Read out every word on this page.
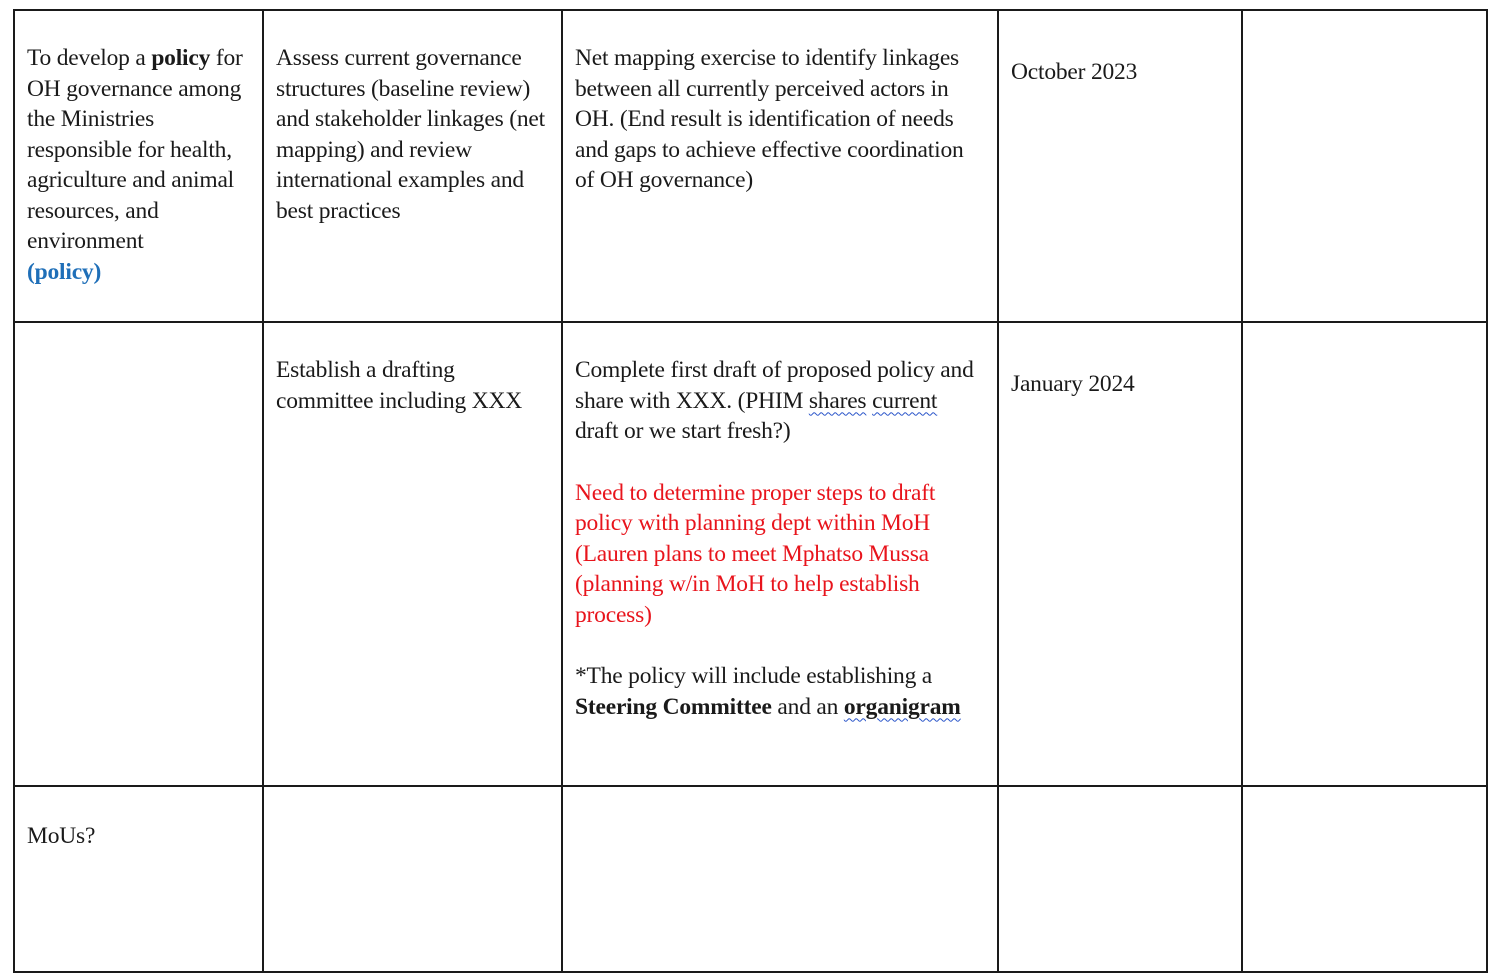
To develop a policy for OH governance among the Ministries responsible for health, agriculture and animal resources, and environment
(policy)	Assess current governance structures (baseline review) and stakeholder linkages (net mapping) and review international examples and best practices	Net mapping exercise to identify linkages between all currently perceived actors in OH. (End result is identification of needs and gaps to achieve effective coordination of OH governance)	October 2023	

	Establish a drafting committee including XXX	Complete first draft of proposed policy and share with XXX. (PHIM shares current draft or we start fresh?)
Need to determine proper steps to draft policy with planning dept within MoH (Lauren plans to meet Mphatso Mussa (planning w/in MoH to help establish process)
*The policy will include establishing a Steering Committee and an organigram	January 2024	

MoUs?				
